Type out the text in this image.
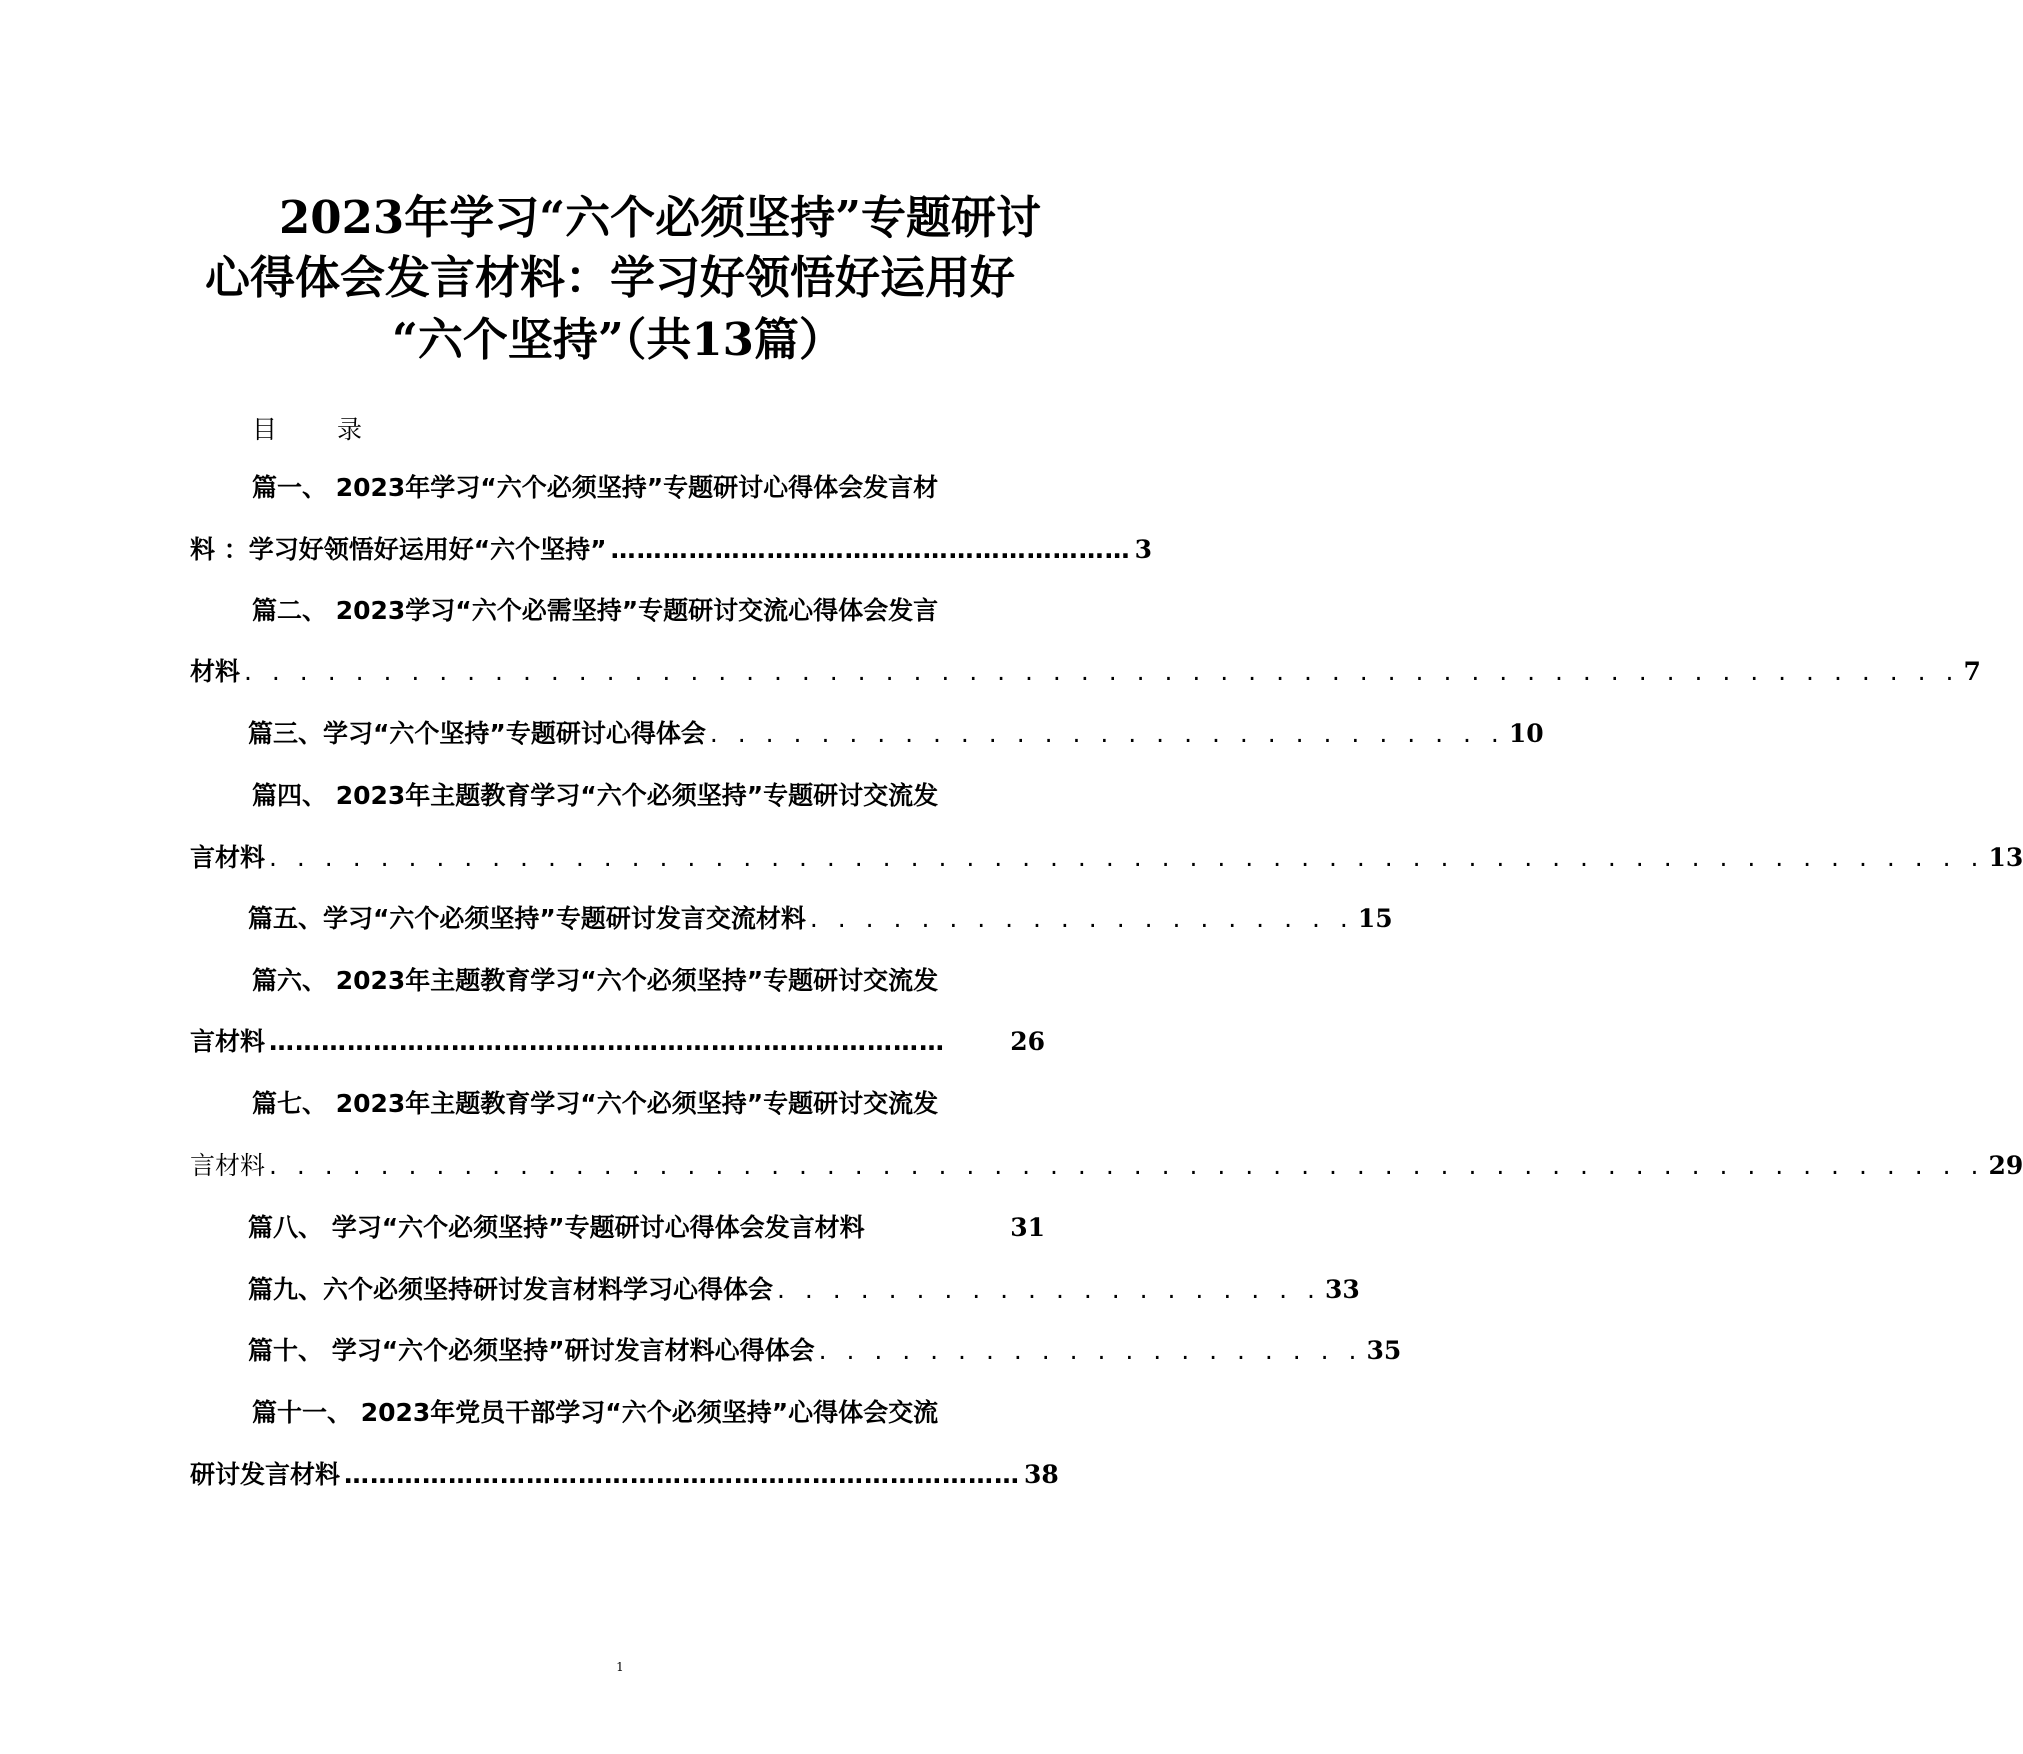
2023年学习“六个必须坚持”专题研讨
心得体会发言材料：学习好领悟好运用好
“六个坚持”（共13篇）
目 录
篇一、 2023年学习“六个必须坚持”专题研讨心得体会发言材
料 ：学习好领悟好运用好“六个坚持” …………………………………………………… 3
篇二、 2023学习“六个必需坚持”专题研讨交流心得体会发言
材料 . . . . . . . . . . . . . . . . . . . . . . . . . . . . . . . . . . . . . . . . . . . . . . . . . . . . . . . . . . . . . . 7
篇三、学习“六个坚持”专题研讨心得体会 . . . . . . . . . . . . . . . . . . . . . . . . . . . . . 10
篇四、 2023年主题教育学习“六个必须坚持”专题研讨交流发
言材料 . . . . . . . . . . . . . . . . . . . . . . . . . . . . . . . . . . . . . . . . . . . . . . . . . . . . . . . . . . . . . . 13
篇五、学习“六个必须坚持”专题研讨发言交流材料 . . . . . . . . . . . . . . . . . . . . 15
篇六、 2023年主题教育学习“六个必须坚持”专题研讨交流发
言材料 ……………………………………………………………………	26
篇七、 2023年主题教育学习“六个必须坚持”专题研讨交流发
言材料 . . . . . . . . . . . . . . . . . . . . . . . . . . . . . . . . . . . . . . . . . . . . . . . . . . . . . . . . . . . . . . 29
篇八、 学习“六个必须坚持”专题研讨心得体会发言材料	31
篇九、六个必须坚持研讨发言材料学习心得体会 . . . . . . . . . . . . . . . . . . . . 33
篇十、 学习“六个必须坚持”研讨发言材料心得体会 . . . . . . . . . . . . . . . . . . . . 35
篇十一、 2023年党员干部学习“六个必须坚持”心得体会交流
研讨发言材料 …………………………………………………………………… 38
1
